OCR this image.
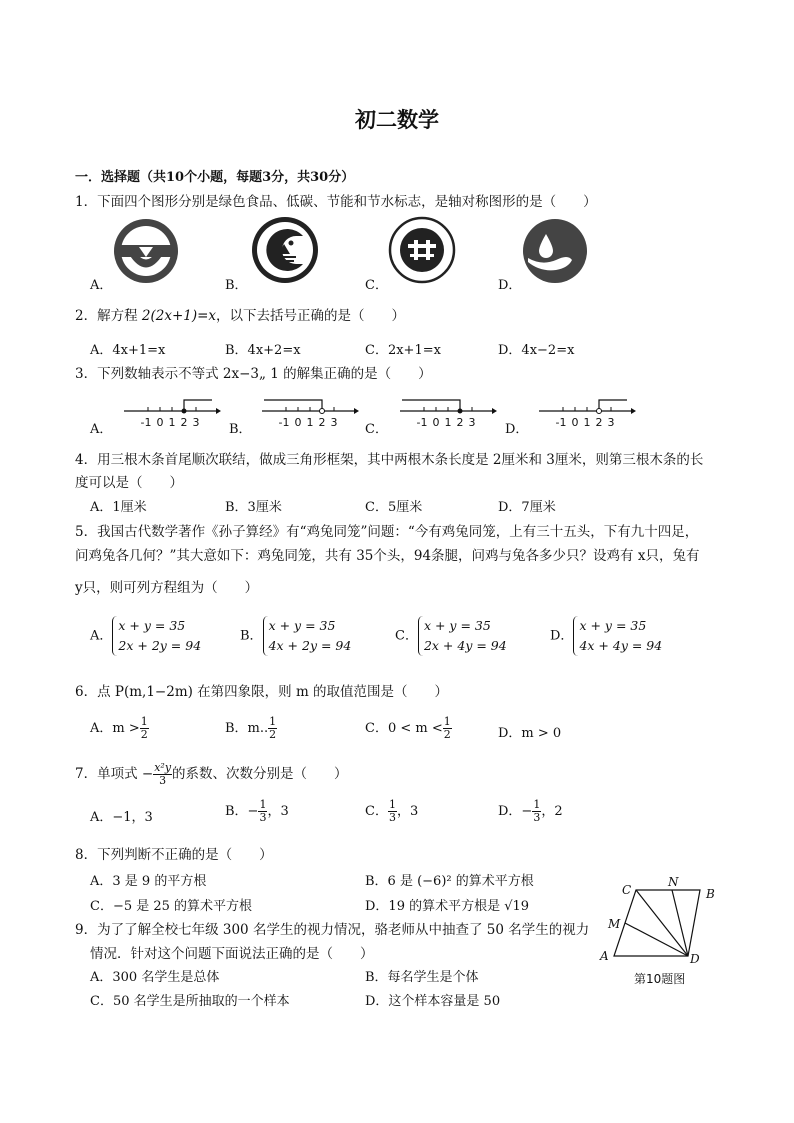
初二数学
一．选择题（共10个小题，每题3分，共30分）
1．下面四个图形分别是绿色食品、低碳、节能和节水标志，是轴对称图形的是（　　）
A．	B．	C．	D．
2．解方程 2(2x+1)=x，以下去括号正确的是（　　）
A．4x+1=x	B．4x+2=x	C．2x+1=x	D．4x−2=x
3．下列数轴表示不等式 2x−3„ 1 的解集正确的是（　　）
A．	B．	C．	D．
-1 0 1 2 3	-1 0 1 2 3	-1 0 1 2 3	-1 0 1 2 3
4．用三根木条首尾顺次联结，做成三角形框架，其中两根木条长度是 2厘米和 3厘米，则第三根木条的长
度可以是（　　）
A．1厘米	B．3厘米	C．5厘米	D．7厘米
5．我国古代数学著作《孙子算经》有“鸡兔同笼”问题：“今有鸡兔同笼，上有三十五头，下有九十四足，
问鸡兔各几何？”其大意如下：鸡兔同笼，共有 35个头，94条腿，问鸡与兔各多少只？设鸡有 x只，兔有
y只，则可列方程组为（　　）
A．
x + y = 35
2x + 2y = 94
B．
x + y = 35
4x + 2y = 94
C．
x + y = 35
2x + 4y = 94
D．
x + y = 35
4x + 4y = 94
6．点 P(m,1−2m) 在第四象限，则 m 的取值范围是（　　）
A．$m > \frac{1}{2}$	B．m.. $\frac{1}{2}$	C．$0 < m < \frac{1}{2}$	D．m > 0
7．单项式 − $\frac{\text{x²y}}{3}$ 的系数、次数分别是（　　）
A．−1，3	B．− $\frac{1}{3}$ ，3	C． $\frac{1}{3}$ ，3	D．− $\frac{1}{3}$ ，2
8．下列判断不正确的是（　　）
A．3 是 9 的平方根	B．6 是 (−6)² 的算术平方根
C．−5 是 25 的算术平方根	D．19 的算术平方根是 √19
9．为了了解全校七年级 300 名学生的视力情况，骆老师从中抽查了 50 名学生的视力
情况．针对这个问题下面说法正确的是（　　）
A．300 名学生是总体	B．每名学生是个体
C．50 名学生是所抽取的一个样本	D．这个样本容量是 50
C
N
B
M
A	D
第10题图
